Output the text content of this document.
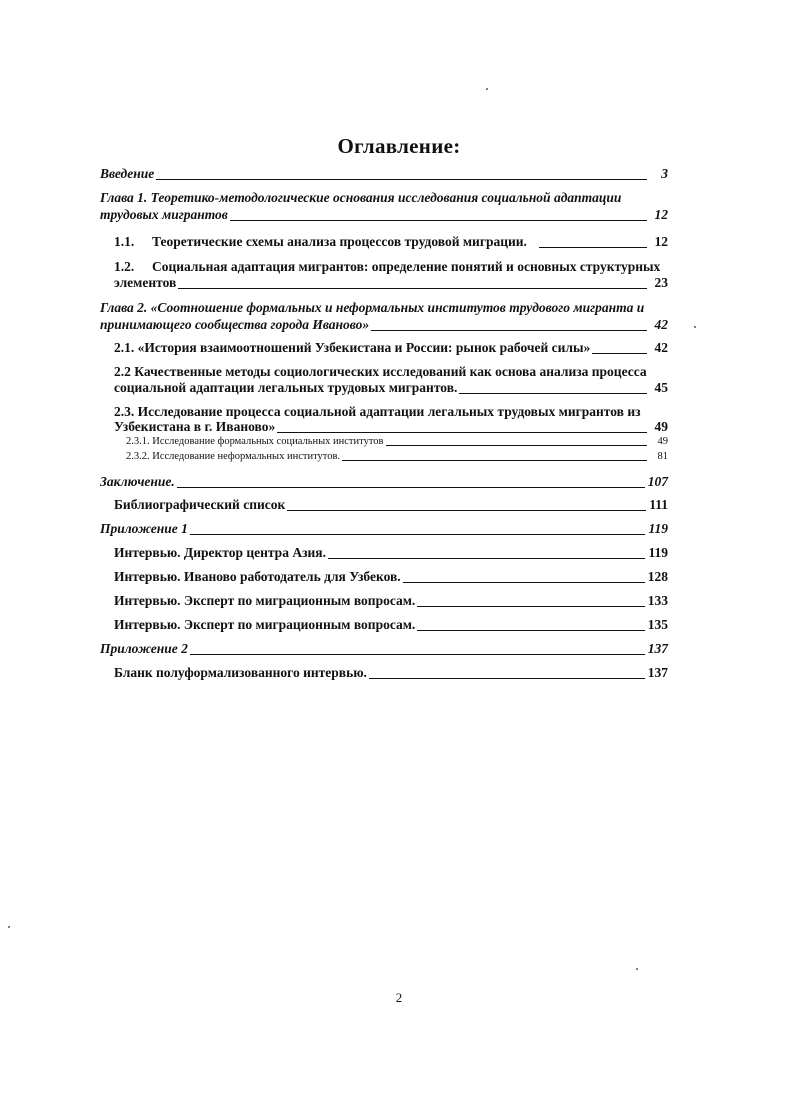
Оглавление:
Введение	3
Глава 1. Теоретико-методологические основания исследования социальной адаптации
трудовых мигрантов	12
1.1. Теоретические схемы анализа процессов трудовой миграции.	12
1.2. Социальная адаптация мигрантов: определение понятий и основных структурных
элементов	23
Глава 2. «Соотношение формальных и неформальных институтов трудового мигранта и
принимающего сообщества города Иваново»	42
2.1. «История взаимоотношений Узбекистана и России: рынок рабочей силы»	42
2.2 Качественные методы социологических исследований как основа анализа процесса
социальной адаптации легальных трудовых мигрантов.	45
2.3. Исследование процесса социальной адаптации легальных трудовых мигрантов из
Узбекистана в г. Иваново»	49
2.3.1. Исследование формальных социальных институтов	49
2.3.2. Исследование неформальных институтов.	81
Заключение.	107
Библиографический список	111
Приложение 1	119
Интервью. Директор центра Азия.	119
Интервью. Иваново работодатель для Узбеков.	128
Интервью. Эксперт по миграционным вопросам.	133
Интервью. Эксперт по миграционным вопросам.	135
Приложение 2	137
Бланк полуформализованного интервью.	137
2
